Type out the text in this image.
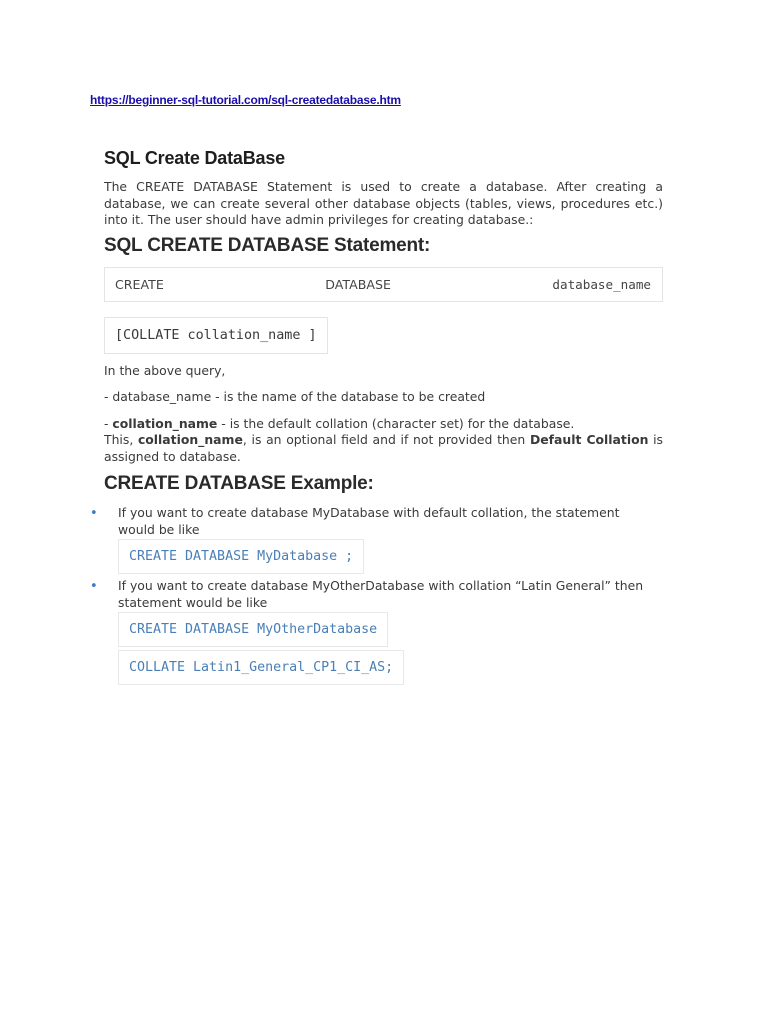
https://beginner-sql-tutorial.com/sql-createdatabase.htm
SQL Create DataBase
The CREATE DATABASE Statement is used to create a database. After creating a database, we can create several other database objects (tables, views, procedures etc.) into it. The user should have admin privileges for creating database.:
SQL CREATE DATABASE Statement:
CREATE	DATABASE	database_name
[COLLATE collation_name ]
In the above query,
- database_name - is the name of the database to be created
- collation_name - is the default collation (character set) for the database.
This, collation_name, is an optional field and if not provided then Default Collation is assigned to database.
CREATE DATABASE Example:
• If you want to create database MyDatabase with default collation, the statement would be like
CREATE DATABASE MyDatabase ;
• If you want to create database MyOtherDatabase with collation “Latin General” then statement would be like
CREATE DATABASE MyOtherDatabase
COLLATE Latin1_General_CP1_CI_AS;
